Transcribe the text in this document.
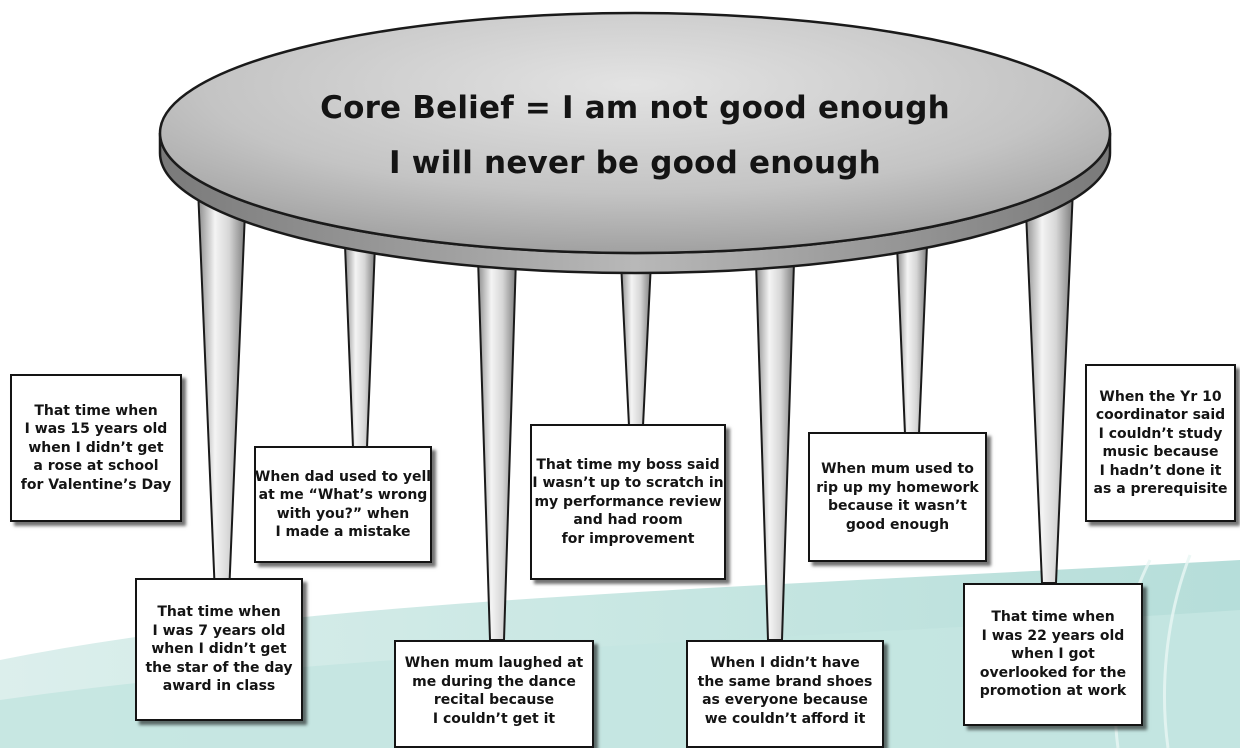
Core Belief = I am not good enough
I will never be good enough
That time when
I was 15 years old
when I didn’t get
a rose at school
for Valentine’s Day
When dad used to yell
at me “What’s wrong
with you?” when
I made a mistake
That time my boss said
I wasn’t up to scratch in
my performance review
and had room
for improvement
When mum used to
rip up my homework
because it wasn’t
good enough
When the Yr 10
coordinator said
I couldn’t study
music because
I hadn’t done it
as a prerequisite
That time when
I was 7 years old
when I didn’t get
the star of the day
award in class
When mum laughed at
me during the dance
recital because
I couldn’t get it
When I didn’t have
the same brand shoes
as everyone because
we couldn’t afford it
That time when
I was 22 years old
when I got
overlooked for the
promotion at work
